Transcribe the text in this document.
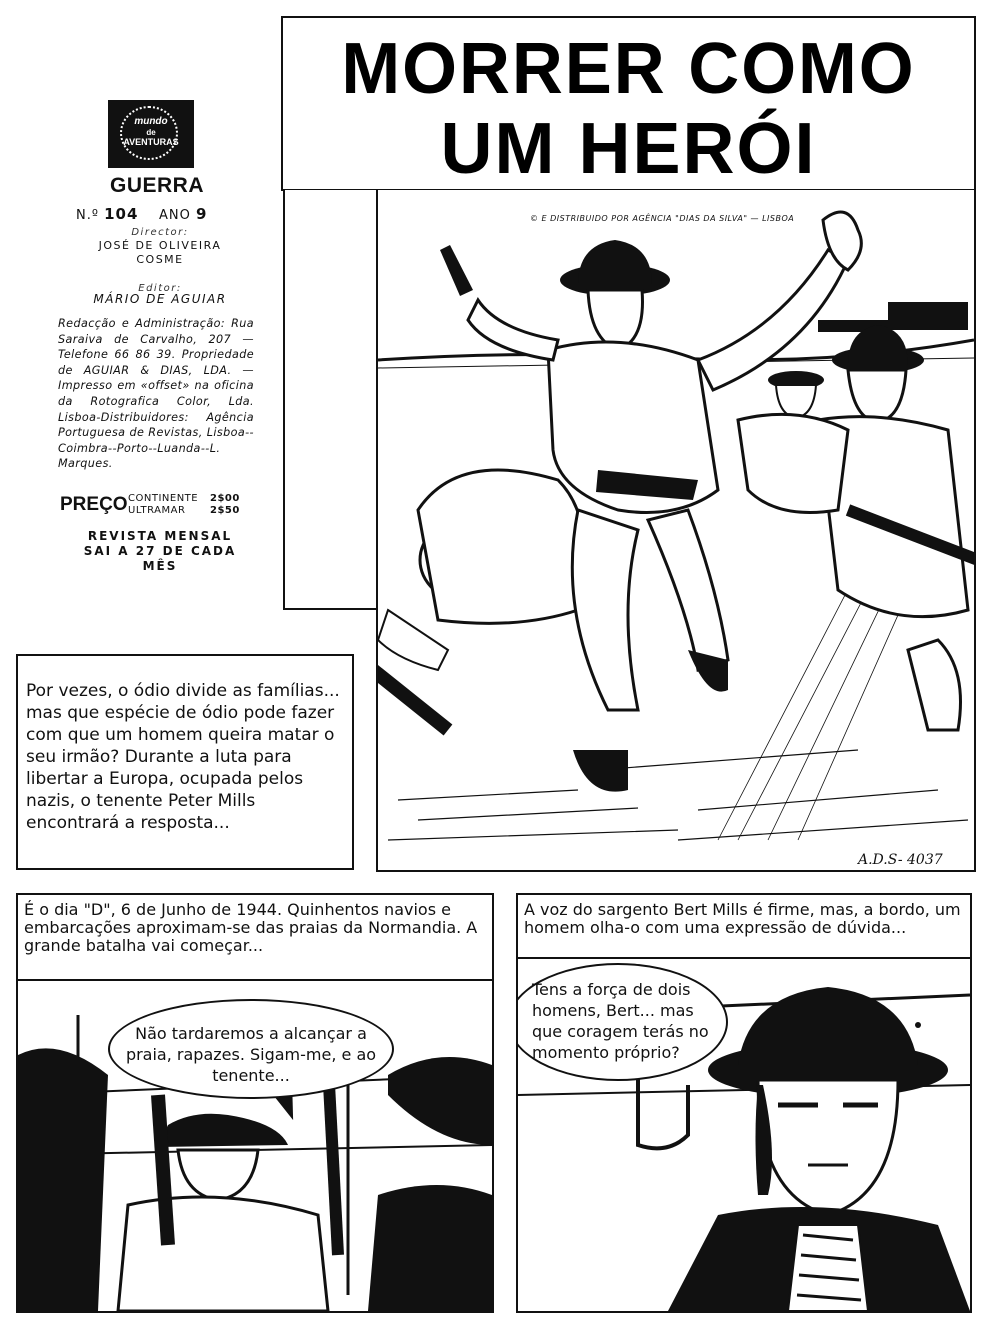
mundo
de
AVENTURAS
GUERRA
N.º 104 ANO 9
Director:
JOSÉ DE OLIVEIRA
COSME
Editor:
MÁRIO DE AGUIAR
Redacção e Administração: Rua Saraiva de Carvalho, 207 — Telefone 66 86 39. Propriedade de AGUIAR & DIAS, LDA. — Impresso em «offset» na oficina da Rotografica Color, Lda. Lisboa-Distribuidores: Agência Portuguesa de Revistas, Lisboa--Coimbra--Porto--Luanda--L. Marques.
PREÇO CONTINENTE 2$00
ULTRAMAR 2$50
REVISTA MENSAL
SAI A 27 DE CADA
MÊS
MORRER COMO
UM HERÓI
© E DISTRIBUIDO POR AGÊNCIA "DIAS DA SILVA" — LISBOA
A.D.S- 4037
Por vezes, o ódio divide as famílias... mas que espécie de ódio pode fazer com que um homem queira matar o seu irmão? Durante a luta para libertar a Europa, ocupada pelos nazis, o tenente Peter Mills encontrará a resposta...
É o dia "D", 6 de Junho de 1944. Quinhentos navios e embarcações aproximam-se das praias da Normandia. A grande batalha vai começar...
Não tardaremos a alcançar a praia, rapazes. Sigam-me, e ao tenente...
A voz do sargento Bert Mills é firme, mas, a bordo, um homem olha-o com uma expressão de dúvida...
Tens a força de dois homens, Bert... mas que coragem terás no momento próprio?
